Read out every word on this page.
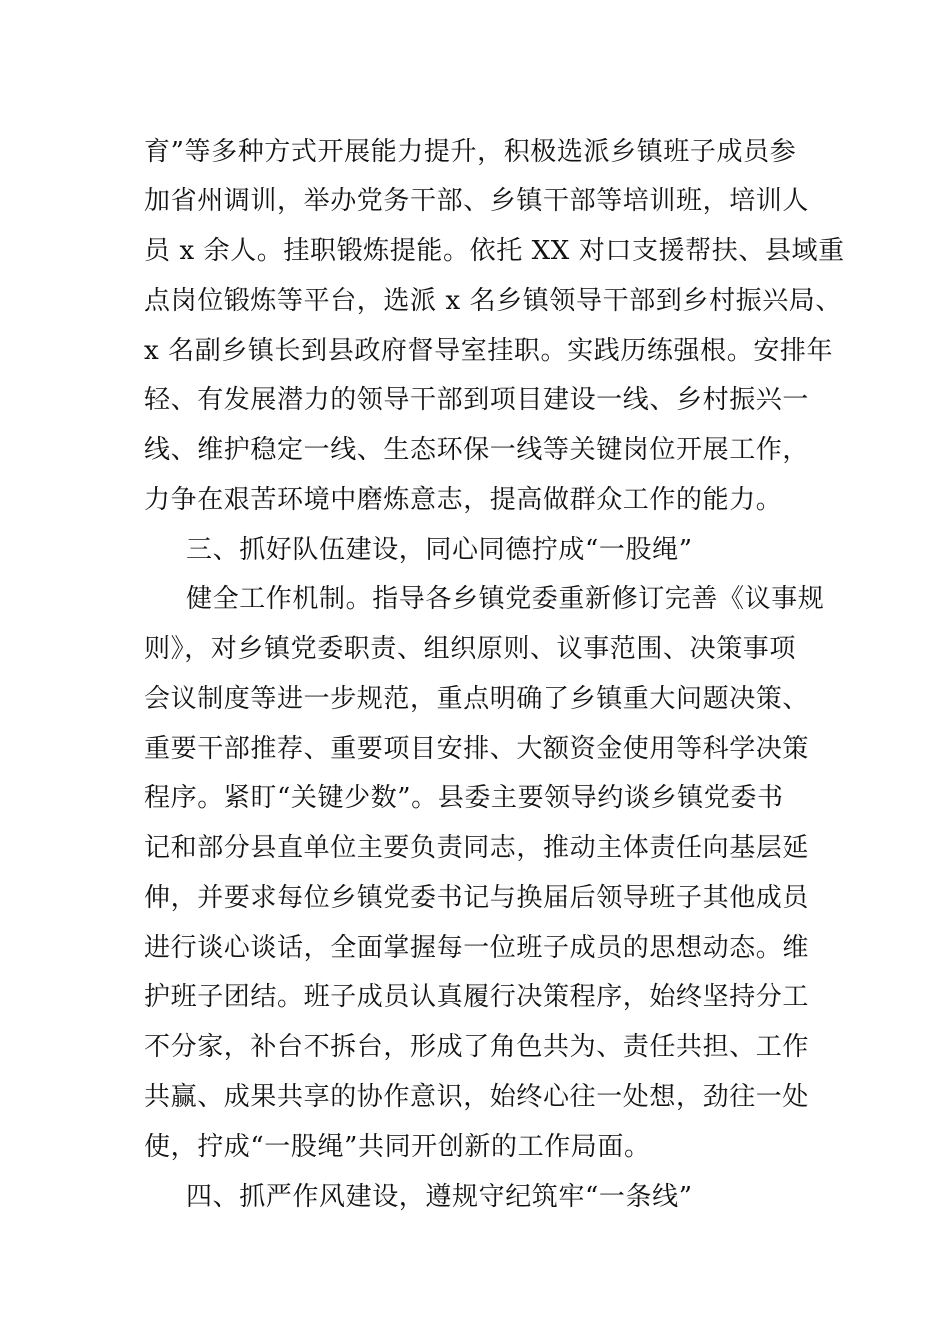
育”等多种方式开展能力提升，积极选派乡镇班子成员参
加省州调训，举办党务干部、乡镇干部等培训班，培训人
员 x 余人。挂职锻炼提能。依托 XX 对口支援帮扶、县域重
点岗位锻炼等平台，选派 x 名乡镇领导干部到乡村振兴局、
x 名副乡镇长到县政府督导室挂职。实践历练强根。安排年
轻、有发展潜力的领导干部到项目建设一线、乡村振兴一
线、维护稳定一线、生态环保一线等关键岗位开展工作，
力争在艰苦环境中磨炼意志，提高做群众工作的能力。
三、抓好队伍建设，同心同德拧成“一股绳”
健全工作机制。指导各乡镇党委重新修订完善《议事规
则》，对乡镇党委职责、组织原则、议事范围、决策事项
会议制度等进一步规范，重点明确了乡镇重大问题决策、
重要干部推荐、重要项目安排、大额资金使用等科学决策
程序。紧盯“关键少数”。县委主要领导约谈乡镇党委书
记和部分县直单位主要负责同志，推动主体责任向基层延
伸，并要求每位乡镇党委书记与换届后领导班子其他成员
进行谈心谈话，全面掌握每一位班子成员的思想动态。维
护班子团结。班子成员认真履行决策程序，始终坚持分工
不分家，补台不拆台，形成了角色共为、责任共担、工作
共赢、成果共享的协作意识，始终心往一处想，劲往一处
使，拧成“一股绳”共同开创新的工作局面。
四、抓严作风建设，遵规守纪筑牢“一条线”
